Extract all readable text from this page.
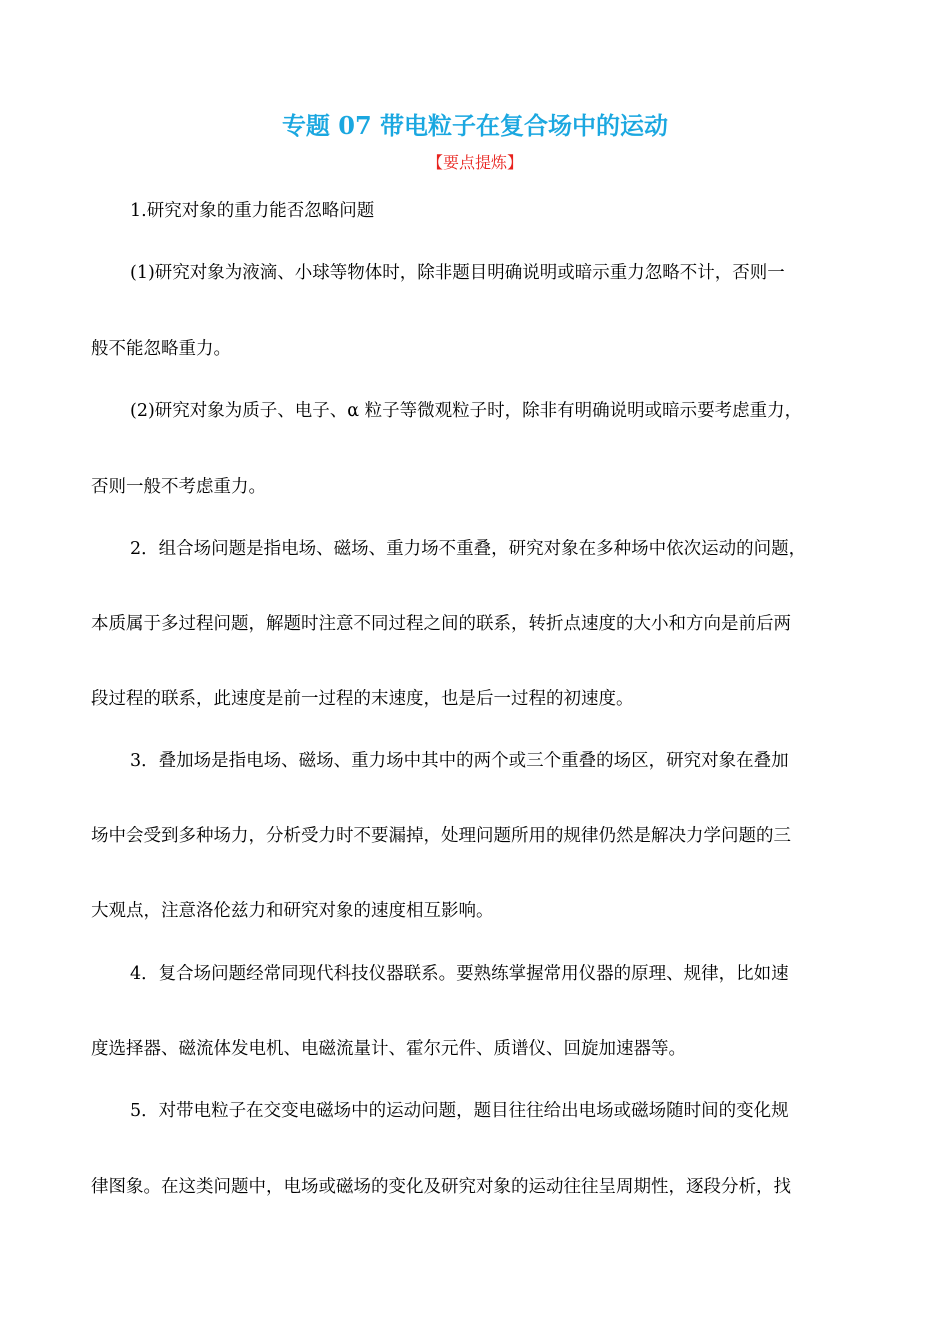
专题 07 带电粒子在复合场中的运动
【要点提炼】
1.研究对象的重力能否忽略问题
(1)研究对象为液滴、小球等物体时，除非题目明确说明或暗示重力忽略不计，否则一
般不能忽略重力。
(2)研究对象为质子、电子、α 粒子等微观粒子时，除非有明确说明或暗示要考虑重力，
否则一般不考虑重力。
2．组合场问题是指电场、磁场、重力场不重叠，研究对象在多种场中依次运动的问题，
本质属于多过程问题，解题时注意不同过程之间的联系，转折点速度的大小和方向是前后两
段过程的联系，此速度是前一过程的末速度，也是后一过程的初速度。
3．叠加场是指电场、磁场、重力场中其中的两个或三个重叠的场区，研究对象在叠加
场中会受到多种场力，分析受力时不要漏掉，处理问题所用的规律仍然是解决力学问题的三
大观点，注意洛伦兹力和研究对象的速度相互影响。
4．复合场问题经常同现代科技仪器联系。要熟练掌握常用仪器的原理、规律，比如速
度选择器、磁流体发电机、电磁流量计、霍尔元件、质谱仪、回旋加速器等。
5．对带电粒子在交变电磁场中的运动问题，题目往往给出电场或磁场随时间的变化规
律图象。在这类问题中，电场或磁场的变化及研究对象的运动往往呈周期性，逐段分析，找
